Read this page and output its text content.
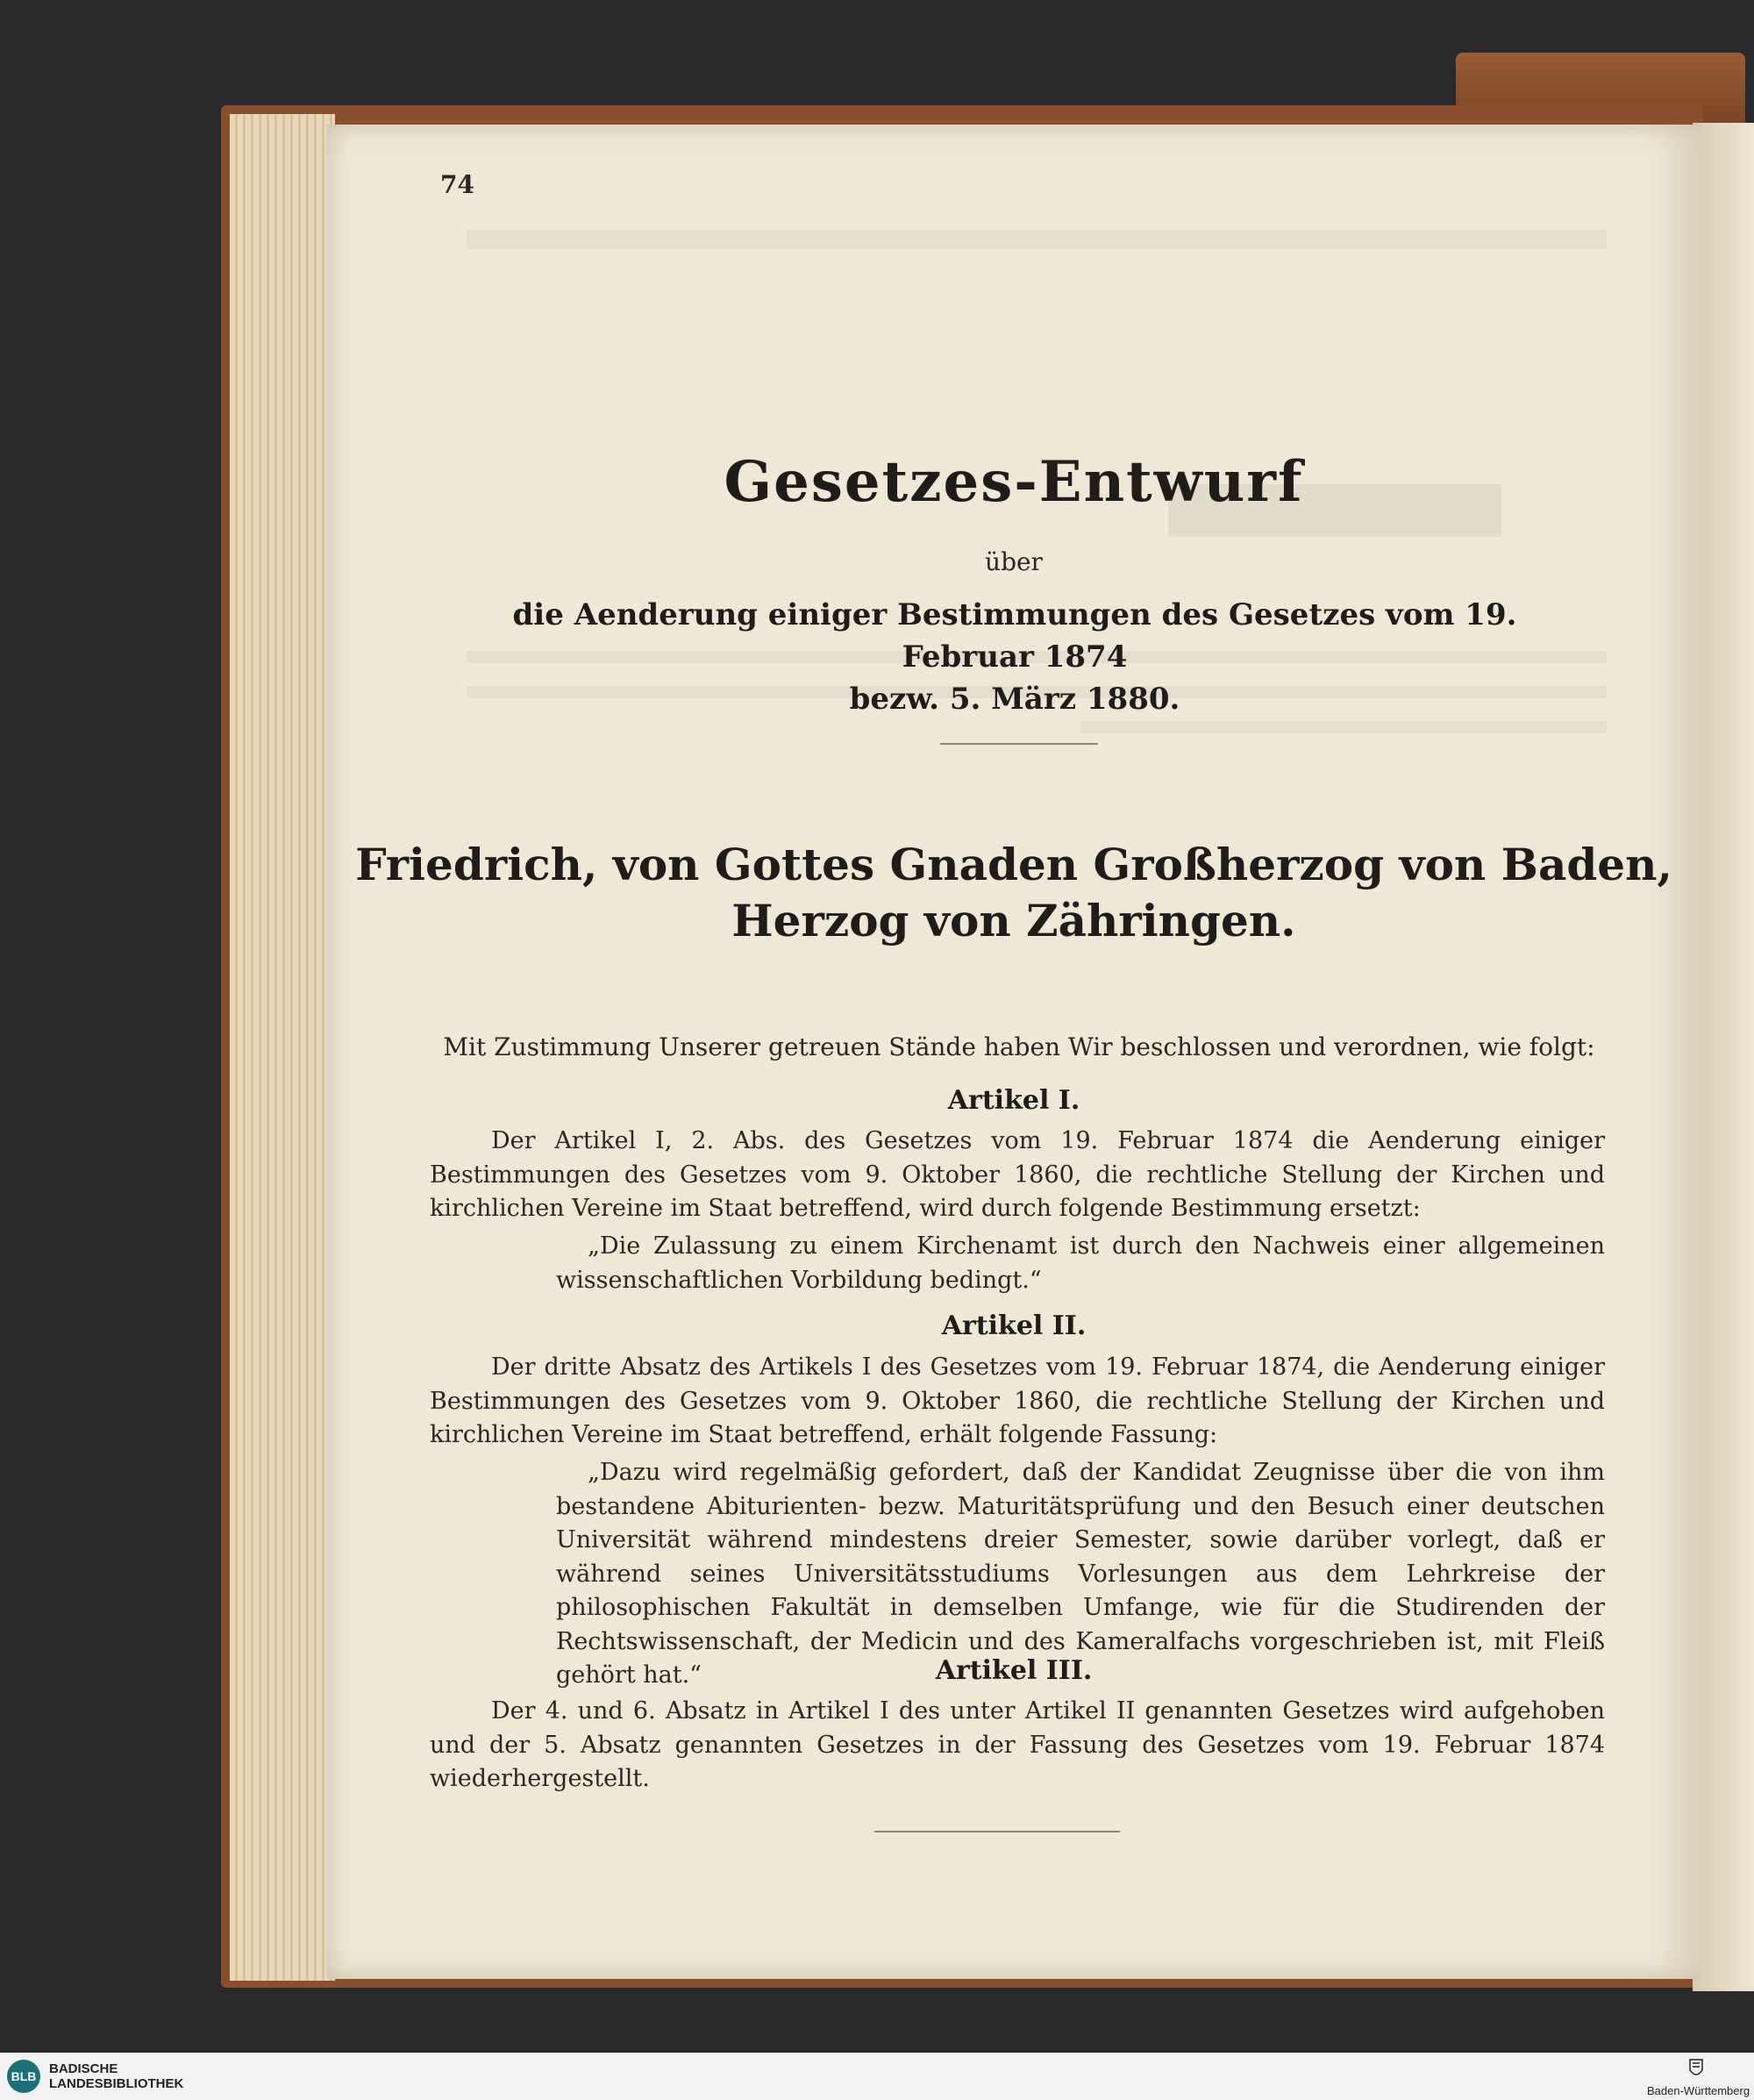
74
Gesetzes-Entwurf
über
die Aenderung einiger Bestimmungen des Gesetzes vom 19. Februar 1874
bezw. 5. März 1880.
Friedrich, von Gottes Gnaden Großherzog von Baden,
Herzog von Zähringen.
Mit Zustimmung Unserer getreuen Stände haben Wir beschlossen und verordnen, wie folgt:
Artikel I.
Der Artikel I, 2. Abs. des Gesetzes vom 19. Februar 1874 die Aenderung einiger Bestimmungen des Gesetzes vom 9. Oktober 1860, die rechtliche Stellung der Kirchen und kirchlichen Vereine im Staat betreffend, wird durch folgende Bestimmung ersetzt:
„Die Zulassung zu einem Kirchenamt ist durch den Nachweis einer allgemeinen wissenschaftlichen Vorbildung bedingt.“
Artikel II.
Der dritte Absatz des Artikels I des Gesetzes vom 19. Februar 1874, die Aenderung einiger Bestimmungen des Gesetzes vom 9. Oktober 1860, die rechtliche Stellung der Kirchen und kirchlichen Vereine im Staat betreffend, erhält folgende Fassung:
„Dazu wird regelmäßig gefordert, daß der Kandidat Zeugnisse über die von ihm bestandene Abiturienten- bezw. Maturitätsprüfung und den Besuch einer deutschen Universität während mindestens dreier Semester, sowie darüber vorlegt, daß er während seines Universitätsstudiums Vorlesungen aus dem Lehrkreise der philosophischen Fakultät in demselben Umfange, wie für die Studirenden der Rechtswissenschaft, der Medicin und des Kameralfachs vorgeschrieben ist, mit Fleiß gehört hat.“	Artikel III.
Der 4. und 6. Absatz in Artikel I des unter Artikel II genannten Gesetzes wird aufgehoben und der 5. Absatz genannten Gesetzes in der Fassung des Gesetzes vom 19. Februar 1874 wiederhergestellt.
BLB BADISCHE
LANDESBIBLIOTHEK	Baden-Württemberg
